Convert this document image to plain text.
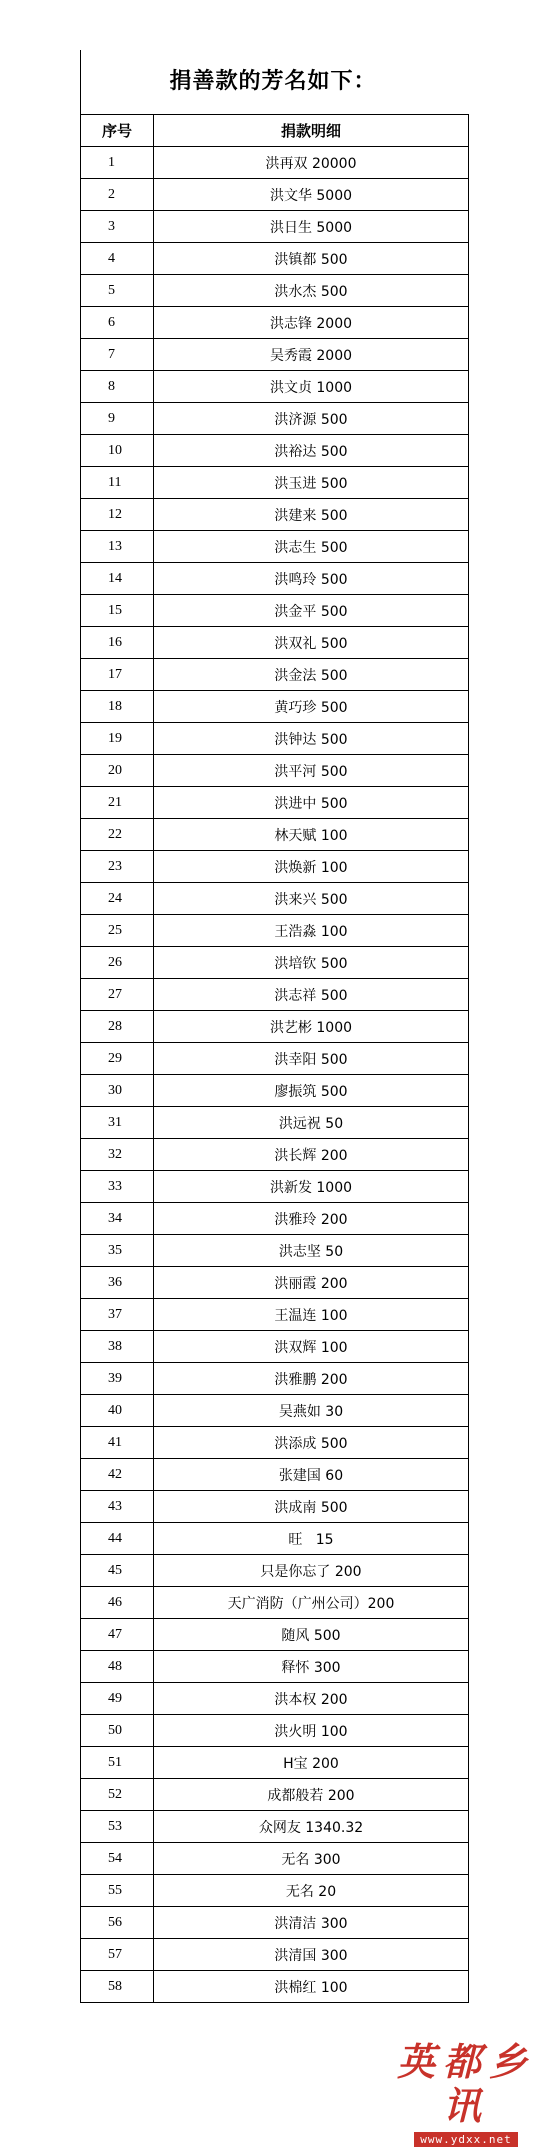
捐善款的芳名如下：
序号	捐款明细
1	洪再双 20000
2	洪文华 5000
3	洪日生 5000
4	洪镇都 500
5	洪水杰 500
6	洪志锋 2000
7	吴秀霞 2000
8	洪文贞 1000
9	洪济源 500
10	洪裕达 500
11	洪玉进 500
12	洪建来 500
13	洪志生 500
14	洪鸣玲 500
15	洪金平 500
16	洪双礼 500
17	洪金法 500
18	黄巧珍 500
19	洪钟达 500
20	洪平河 500
21	洪进中 500
22	林天赋 100
23	洪焕新 100
24	洪来兴 500
25	王浩淼 100
26	洪培钦 500
27	洪志祥 500
28	洪艺彬 1000
29	洪幸阳 500
30	廖振筑 500
31	洪远祝 50
32	洪长辉 200
33	洪新发 1000
34	洪雅玲 200
35	洪志坚 50
36	洪丽霞 200
37	王温连 100
38	洪双辉 100
39	洪雅鹏 200
40	吴燕如 30
41	洪添成 500
42	张建国 60
43	洪成南 500
44	旺   15
45	只是你忘了 200
46	天广消防（广州公司）200
47	随风 500
48	释怀 300
49	洪本权 200
50	洪火明 100
51	H宝 200
52	成都般若 200
53	众网友 1340.32
54	无名 300
55	无名 20
56	洪清洁 300
57	洪清国 300
58	洪棉红 100
英都乡讯
www.ydxx.net
